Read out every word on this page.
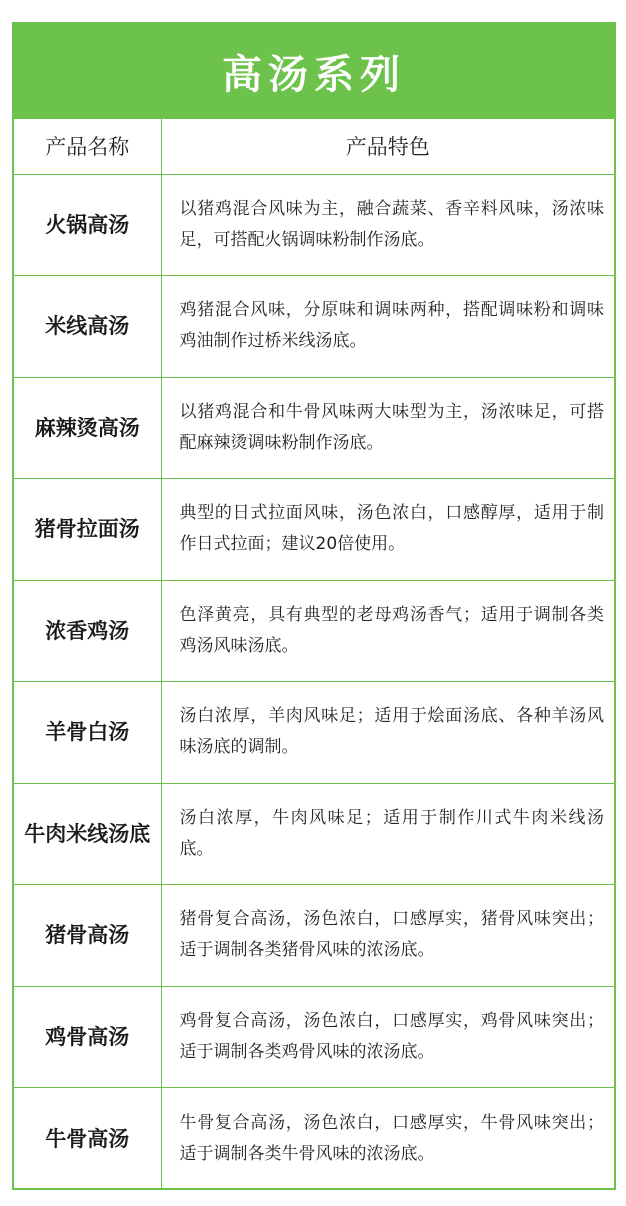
高汤系列
产品名称	产品特色
火锅高汤	以猪鸡混合风味为主，融合蔬菜、香辛料风味，汤浓味足，可搭配火锅调味粉制作汤底。
米线高汤	鸡猪混合风味，分原味和调味两种，搭配调味粉和调味鸡油制作过桥米线汤底。
麻辣烫高汤	以猪鸡混合和牛骨风味两大味型为主，汤浓味足，可搭配麻辣烫调味粉制作汤底。
猪骨拉面汤	典型的日式拉面风味，汤色浓白，口感醇厚，适用于制作日式拉面；建议20倍使用。
浓香鸡汤	色泽黄亮，具有典型的老母鸡汤香气；适用于调制各类鸡汤风味汤底。
羊骨白汤	汤白浓厚，羊肉风味足；适用于烩面汤底、各种羊汤风味汤底的调制。
牛肉米线汤底	汤白浓厚，牛肉风味足；适用于制作川式牛肉米线汤底。
猪骨高汤	猪骨复合高汤，汤色浓白，口感厚实，猪骨风味突出；适于调制各类猪骨风味的浓汤底。
鸡骨高汤	鸡骨复合高汤，汤色浓白，口感厚实，鸡骨风味突出；适于调制各类鸡骨风味的浓汤底。
牛骨高汤	牛骨复合高汤，汤色浓白，口感厚实，牛骨风味突出；适于调制各类牛骨风味的浓汤底。
